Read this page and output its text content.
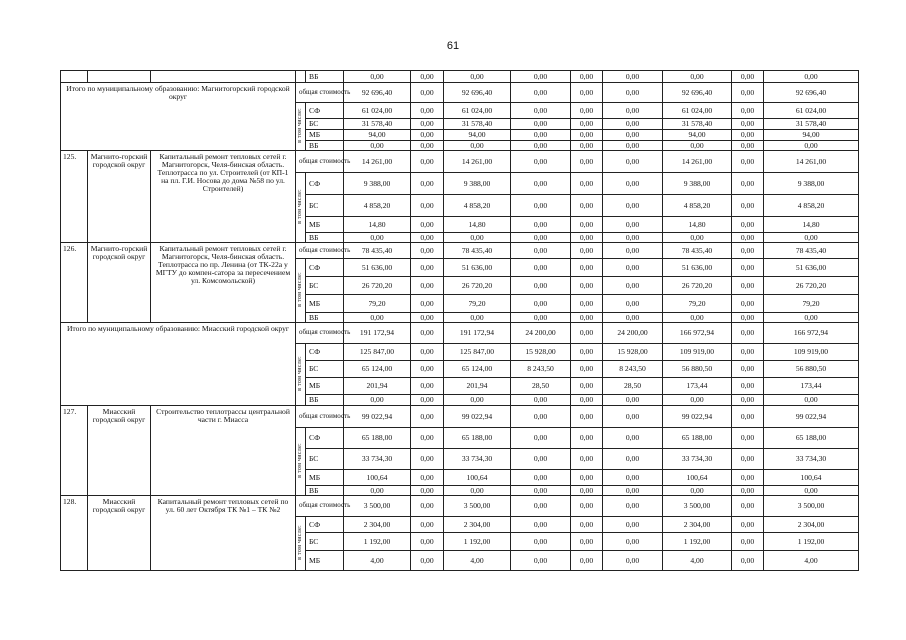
61
				ВБ	0,00	0,00	0,00	0,00	0,00	0,00	0,00	0,00	0,00
Итого по муниципальному образованию: Магнитогорский городской округ			общая стоимость		92 696,40	0,00	92 696,40	0,00	0,00	0,00	92 696,40	0,00	92 696,40
			в том числе:	СФ	61 024,00	0,00	61 024,00	0,00	0,00	0,00	61 024,00	0,00	61 024,00
				БС	31 578,40	0,00	31 578,40	0,00	0,00	0,00	31 578,40	0,00	31 578,40
				МБ	94,00	0,00	94,00	0,00	0,00	0,00	94,00	0,00	94,00
				ВБ	0,00	0,00	0,00	0,00	0,00	0,00	0,00	0,00	0,00
125.	Магнито-горский городской округ	Капитальный ремонт тепловых сетей г. Магнитогорск, Челя-бинская область. Теплотрасса по ул. Строителей (от КП-1 на пл. Г.И. Носова до дома №58 по ул. Строителей)	общая стоимость		14 261,00	0,00	14 261,00	0,00	0,00	0,00	14 261,00	0,00	14 261,00
			в том числе:	СФ	9 388,00	0,00	9 388,00	0,00	0,00	0,00	9 388,00	0,00	9 388,00
				БС	4 858,20	0,00	4 858,20	0,00	0,00	0,00	4 858,20	0,00	4 858,20
				МБ	14,80	0,00	14,80	0,00	0,00	0,00	14,80	0,00	14,80
				ВБ	0,00	0,00	0,00	0,00	0,00	0,00	0,00	0,00	0,00
126.	Магнито-горский городской округ	Капитальный ремонт тепловых сетей г. Магнитогорск, Челя-бинская область. Теплотрасса по пр. Ленина (от ТК-22а у МГТУ до компен-сатора за пересечением ул. Комсомольской)	общая стоимость		78 435,40	0,00	78 435,40	0,00	0,00	0,00	78 435,40	0,00	78 435,40
			в том числе:	СФ	51 636,00	0,00	51 636,00	0,00	0,00	0,00	51 636,00	0,00	51 636,00
				БС	26 720,20	0,00	26 720,20	0,00	0,00	0,00	26 720,20	0,00	26 720,20
				МБ	79,20	0,00	79,20	0,00	0,00	0,00	79,20	0,00	79,20
				ВБ	0,00	0,00	0,00	0,00	0,00	0,00	0,00	0,00	0,00
Итого по муниципальному образованию: Миасский городской округ			общая стоимость		191 172,94	0,00	191 172,94	24 200,00	0,00	24 200,00	166 972,94	0,00	166 972,94
			в том числе:	СФ	125 847,00	0,00	125 847,00	15 928,00	0,00	15 928,00	109 919,00	0,00	109 919,00
				БС	65 124,00	0,00	65 124,00	8 243,50	0,00	8 243,50	56 880,50	0,00	56 880,50
				МБ	201,94	0,00	201,94	28,50	0,00	28,50	173,44	0,00	173,44
				ВБ	0,00	0,00	0,00	0,00	0,00	0,00	0,00	0,00	0,00
127.	Миасский городской округ	Строительство теплотрассы центральной части г. Миасса	общая стоимость		99 022,94	0,00	99 022,94	0,00	0,00	0,00	99 022,94	0,00	99 022,94
			в том числе:	СФ	65 188,00	0,00	65 188,00	0,00	0,00	0,00	65 188,00	0,00	65 188,00
				БС	33 734,30	0,00	33 734,30	0,00	0,00	0,00	33 734,30	0,00	33 734,30
				МБ	100,64	0,00	100,64	0,00	0,00	0,00	100,64	0,00	100,64
				ВБ	0,00	0,00	0,00	0,00	0,00	0,00	0,00	0,00	0,00
128.	Миасский городской округ	Капитальный ремонт тепловых сетей по ул. 60 лет Октября ТК №1 – ТК №2	общая стоимость		3 500,00	0,00	3 500,00	0,00	0,00	0,00	3 500,00	0,00	3 500,00
			в том числе:	СФ	2 304,00	0,00	2 304,00	0,00	0,00	0,00	2 304,00	0,00	2 304,00
				БС	1 192,00	0,00	1 192,00	0,00	0,00	0,00	1 192,00	0,00	1 192,00
				МБ	4,00	0,00	4,00	0,00	0,00	0,00	4,00	0,00	4,00
